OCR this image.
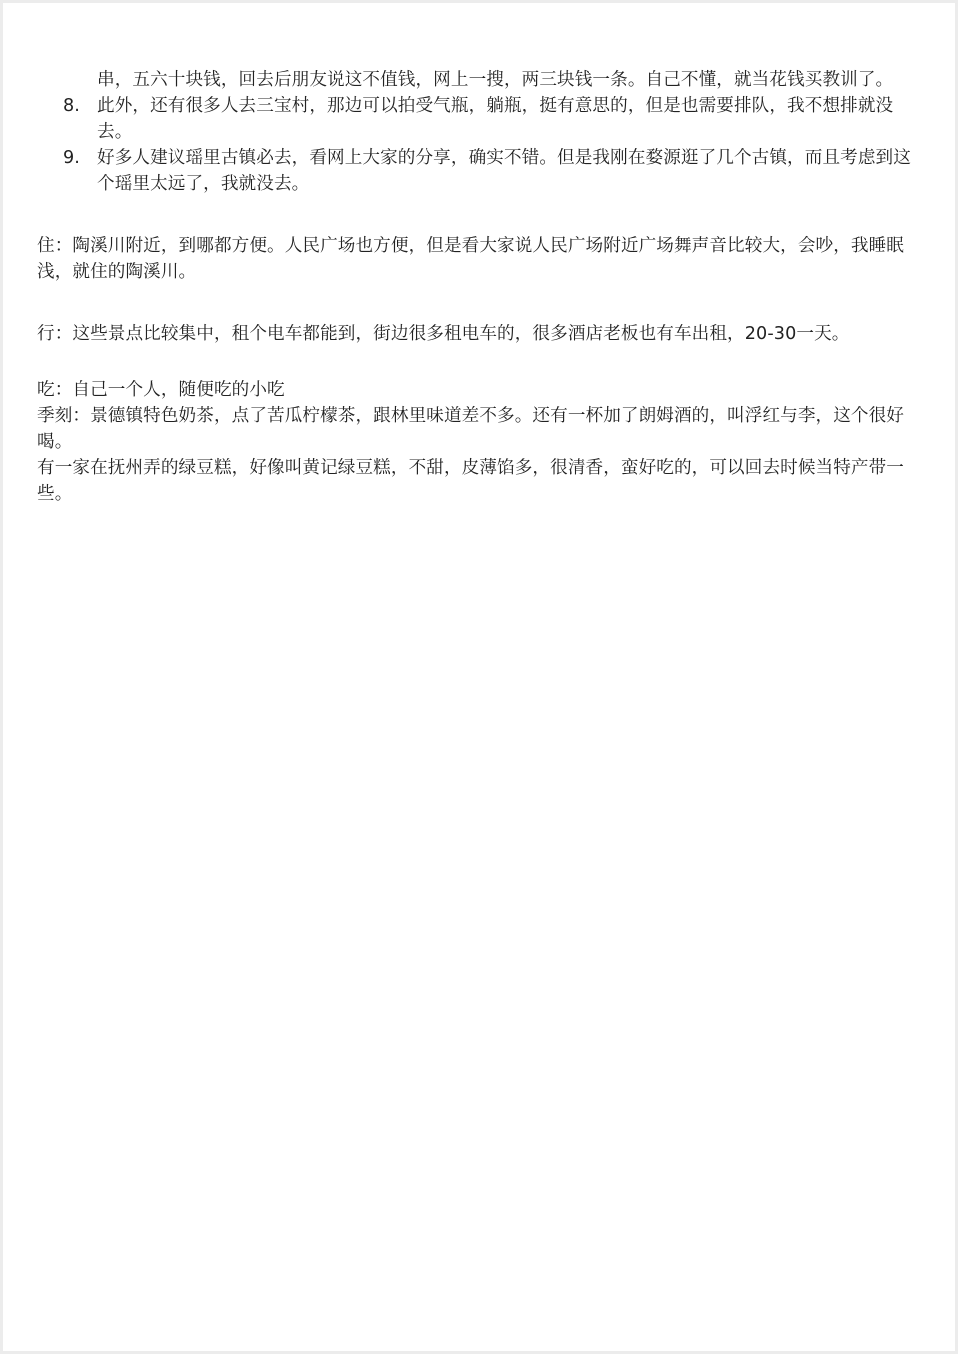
串，五六十块钱，回去后朋友说这不值钱，网上一搜，两三块钱一条。自己不懂，就当花钱买教训了。
8. 此外，还有很多人去三宝村，那边可以拍受气瓶，躺瓶，挺有意思的，但是也需要排队，我不想排就没去。
9. 好多人建议瑶里古镇必去，看网上大家的分享，确实不错。但是我刚在婺源逛了几个古镇，而且考虑到这个瑶里太远了，我就没去。

住：陶溪川附近，到哪都方便。人民广场也方便，但是看大家说人民广场附近广场舞声音比较大，会吵，我睡眠浅，就住的陶溪川。

行：这些景点比较集中，租个电车都能到，街边很多租电车的，很多酒店老板也有车出租，20-30一天。

吃：自己一个人，随便吃的小吃

季刻：景德镇特色奶茶，点了苦瓜柠檬茶，跟林里味道差不多。还有一杯加了朗姆酒的，叫浮红与李，这个很好喝。

有一家在抚州弄的绿豆糕，好像叫黄记绿豆糕，不甜，皮薄馅多，很清香，蛮好吃的，可以回去时候当特产带一些。
